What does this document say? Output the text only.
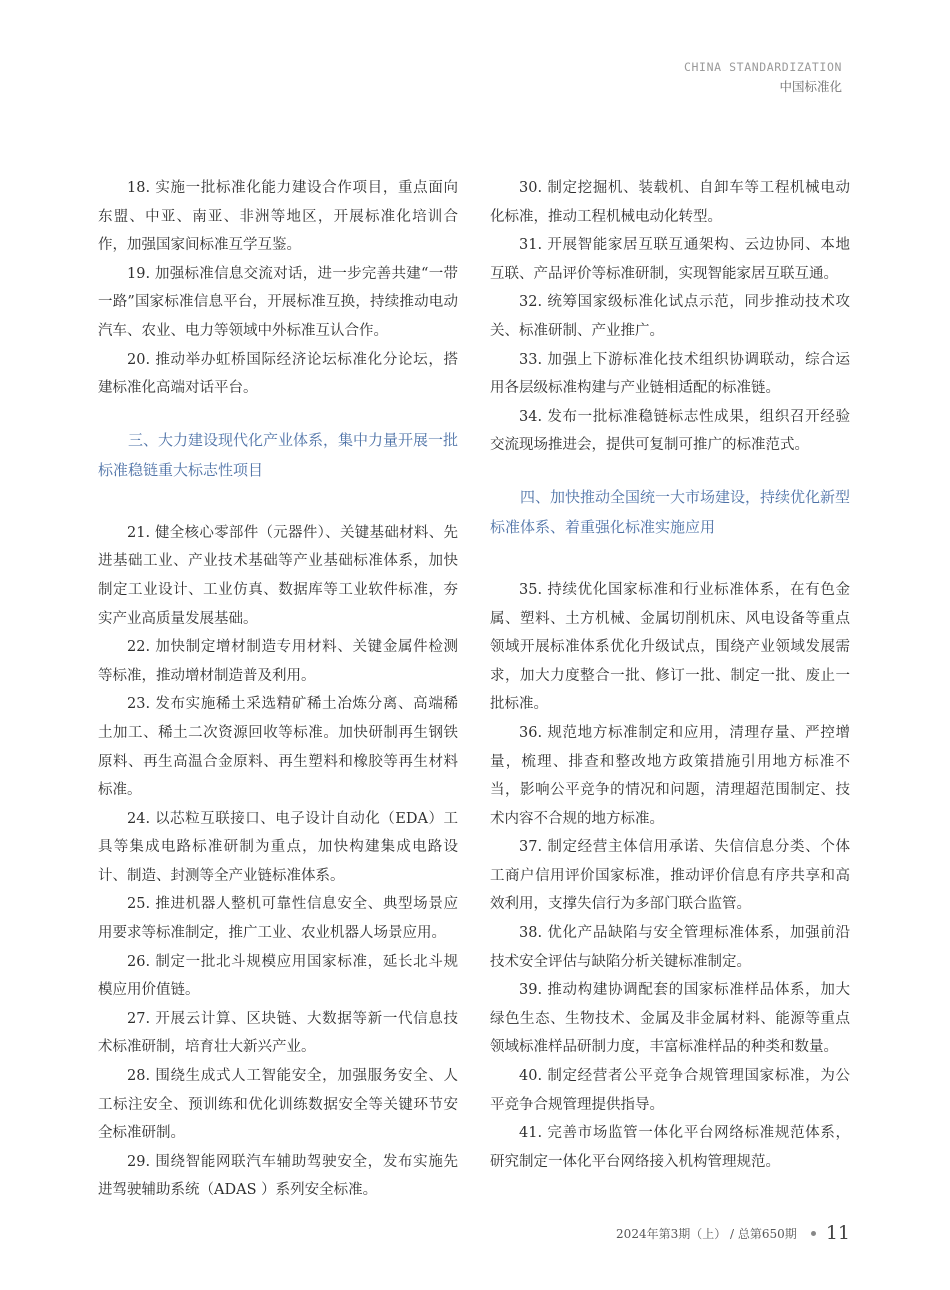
CHINA STANDARDIZATION
中国标准化

18. 实施一批标准化能力建设合作项目，重点面向东盟、中亚、南亚、非洲等地区，开展标准化培训合作，加强国家间标准互学互鉴。

19. 加强标准信息交流对话，进一步完善共建“一带一路”国家标准信息平台，开展标准互换，持续推动电动汽车、农业、电力等领域中外标准互认合作。

20. 推动举办虹桥国际经济论坛标准化分论坛，搭建标准化高端对话平台。

三、大力建设现代化产业体系，集中力量开展一批标准稳链重大标志性项目

21. 健全核心零部件（元器件）、关键基础材料、先进基础工业、产业技术基础等产业基础标准体系，加快制定工业设计、工业仿真、数据库等工业软件标准，夯实产业高质量发展基础。

22. 加快制定增材制造专用材料、关键金属件检测等标准，推动增材制造普及利用。

23. 发布实施稀土采选精矿稀土冶炼分离、高端稀土加工、稀土二次资源回收等标准。加快研制再生钢铁原料、再生高温合金原料、再生塑料和橡胶等再生材料标准。

24. 以芯粒互联接口、电子设计自动化（EDA）工具等集成电路标准研制为重点，加快构建集成电路设计、制造、封测等全产业链标准体系。

25. 推进机器人整机可靠性信息安全、典型场景应用要求等标准制定，推广工业、农业机器人场景应用。

26. 制定一批北斗规模应用国家标准，延长北斗规模应用价值链。

27. 开展云计算、区块链、大数据等新一代信息技术标准研制，培育壮大新兴产业。

28. 围绕生成式人工智能安全，加强服务安全、人工标注安全、预训练和优化训练数据安全等关键环节安全标准研制。

29. 围绕智能网联汽车辅助驾驶安全，发布实施先进驾驶辅助系统（ADAS ）系列安全标准。

30. 制定挖掘机、装载机、自卸车等工程机械电动化标准，推动工程机械电动化转型。

31. 开展智能家居互联互通架构、云边协同、本地互联、产品评价等标准研制，实现智能家居互联互通。

32. 统筹国家级标准化试点示范，同步推动技术攻关、标准研制、产业推广。

33. 加强上下游标准化技术组织协调联动，综合运用各层级标准构建与产业链相适配的标准链。

34. 发布一批标准稳链标志性成果，组织召开经验交流现场推进会，提供可复制可推广的标准范式。

四、加快推动全国统一大市场建设，持续优化新型标准体系、着重强化标准实施应用

35. 持续优化国家标准和行业标准体系，在有色金属、塑料、土方机械、金属切削机床、风电设备等重点领域开展标准体系优化升级试点，围绕产业领域发展需求，加大力度整合一批、修订一批、制定一批、废止一批标准。

36. 规范地方标准制定和应用，清理存量、严控增量，梳理、排查和整改地方政策措施引用地方标准不当，影响公平竞争的情况和问题，清理超范围制定、技术内容不合规的地方标准。

37. 制定经营主体信用承诺、失信信息分类、个体工商户信用评价国家标准，推动评价信息有序共享和高效利用，支撑失信行为多部门联合监管。

38. 优化产品缺陷与安全管理标准体系，加强前沿技术安全评估与缺陷分析关键标准制定。

39. 推动构建协调配套的国家标准样品体系，加大绿色生态、生物技术、金属及非金属材料、能源等重点领域标准样品研制力度，丰富标准样品的种类和数量。

40. 制定经营者公平竞争合规管理国家标准，为公平竞争合规管理提供指导。

41. 完善市场监管一体化平台网络标准规范体系，研究制定一体化平台网络接入机构管理规范。

2024年第3期（上） / 总第650期 11
